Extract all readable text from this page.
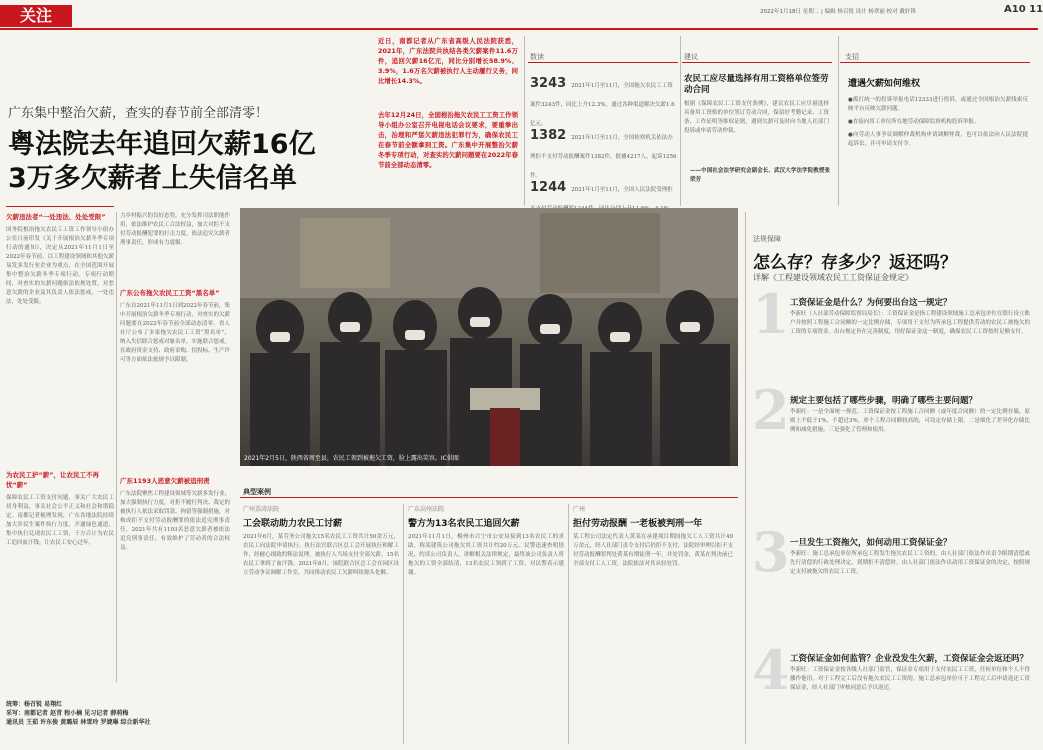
关注	2022年1月18日 星期二 | 编辑 杨召锐 设计 杨翠丽 校对 戴轩锋	A10 11
广东集中整治欠薪，查实的春节前全部清零！
粤法院去年追回欠薪16亿
3万多欠薪者上失信名单
近日，南都记者从广东省高级人民法院获悉，2021年，广东法院共执结各类欠薪案件11.6万件，追回欠薪16亿元，同比分别增长58.9%、3.9%，1.6万名欠薪被执行人主动履行义务，同比增长14.3%。
去年12月24日，全国根治拖欠农民工工资工作领导小组办公室召开电视电话会议要求，要重拳出击，治理和严惩欠薪违法犯罪行为，确保农民工在春节前全额拿到工资。广东集中开展整治欠薪冬季专项行动，对查实的欠薪问题要在2022年春节前全部动态清零。
数读
3243 2021年1月至11月，全国拖欠农民工工资案件3243件，同比上升12.3%，通过各种渠道解决欠薪1.6亿元。
1382 2021年1月至11月，全国检察机关依法办理拒不支付劳动报酬案件1382件，批捕4217人、起诉1256件。
1244 2021年1月至11月，全国人民法院受理拒
建议
农民工应尽量选择有用工资格单位签劳动合同
根据《保障农民工工资支付条例》，建议农民工应尽量选择具备用工资格的单位签订劳动合同，保留好考勤记录、工资条、工作证明等维权证据，遇到欠薪可及时向当地人社部门投诉或申请劳动仲裁。
——中国社会法学研究会副会长、武汉大学法学院教授张荣芳
支招
遭遇欠薪如何维权
●拨打统一的投诉举报电话12333进行投诉，或通过全国根治欠薪线索反映平台反映欠薪问题。
●直接向用工单位所在地劳动保障监察机构投诉举报。
●向劳动人事争议调解仲裁机构申请调解仲裁，也可以依法向人民法院提起诉讼，并可申请支付令。
欠薪违法者“一处违法、处处受限”
国务院根治拖欠农民工工资工作领导小组办公室日前印发《关于开展根治欠薪冬季专项行动的通知》，决定从2021年11月1日至2022年春节前，以工程建设领域和其他欠薪易发多发行业企业为重点，在全国范围开展集中整治欠薪冬季专项行动。专项行动期间，对查实的欠薪问题依法依规处置，对恶意欠薪的企业及其负责人依法惩戒，一处违法，处处受限。
为农民工护“薪”，让农民工不再忧“薪”
保障农民工工资支付问题，事关广大农民工切身利益，事关社会公平正义和社会和谐稳定。南都记者梳理发现，广东各地法院持续加大涉民生案件执行力度，开通绿色通道，集中执行兑现农民工工资，千方百计为农民工追回血汗钱，让农民工安心过年。
统筹：杨召锐 易翔红
采写：南都记者 赵青 程小楠 见习记者 薛莉梅
通讯员 王茹 许东俊 黄璐辰 林雪玲 罗婕琳 综合新华社
力乡村振兴的良好态势，充分发挥司法职能作用，依法维护农民工合法权益，加大对拒不支付劳动报酬犯罪的打击力度，依法追究欠薪者刑事责任，形成有力震慑。
广东公布拖欠农民工工资“黑名单”
广东自2021年11月1日到2022年春节前，集中开展根治欠薪冬季专项行动，对查实的欠薪问题要在2022年春节前全部动态清零。省人社厅公布了多家拖欠农民工工资“黑名单”，纳入失信联合惩戒对象名单，实施联合惩戒，在政府资金支持、政府采购、招投标、生产许可等方面依法依规予以限制。
广东1193人恶意欠薪被追刑责
广东法院聚焦工程建设领域等欠薪多发行业，加大强制执行力度，对拒不履行判决、裁定的被执行人依法采取罚款、拘留等强制措施，对构成拒不支付劳动报酬罪的依法追究刑事责任，2021年共有1193名恶意欠薪者被依法追究刑事责任，有效维护了劳动者的合法权益。
2021年2月5日，陕西省周至县，农民工领到被拖欠工资，脸上露出笑容。IC供图
典型案例
广州荔湾法院
工会联动助力农民工讨薪
2021年6月，某劳务公司拖欠15名农民工工资共计50余万元，农民工向法院申请执行。执行法官联合区总工会开展执行和解工作，经耐心细致的释法说理，被执行人当场支付全部欠薪，15名农民工拿到了血汗钱。2021年8月，该院联合区总工会在园区设立劳动争议调解工作室，共同推动农民工欠薪纠纷源头化解。
广东高州法院
警方为13名农民工追回欠薪
2021年11月1日，梅州市兴宁市公安局接到13名农民工的求助，称某建筑公司拖欠其工资共计约20万元。民警迅速查明情况，约谈公司负责人，讲解相关法律规定，最终该公司负责人将拖欠的工资全部结清，13名农民工领到了工资，对民警表示感谢。
广州
拒付劳动报酬 一老板被判刑一年
某工程公司法定代表人黄某在承建项目期间拖欠工人工资共计49万余元，经人社部门责令支付后仍拒不支付，法院经审理以拒不支付劳动报酬罪判处黄某有期徒刑一年，并处罚金，黄某在判决前已全部支付工人工资，法院依法对其从轻处罚。
法规保障
怎么存？存多少？返还吗？
详解《工程建设领域农民工工资保证金规定》
1 工资保证金是什么？为何要出台这一规定？
李新旺（人社部劳动保障监察局局长）：工资保证金是指工程建设领域施工总承包单位在银行设立账户并按照工程施工合同额的一定比例存储，专项用于支付为所承包工程提供劳动的农民工被拖欠的工资的专项资金。出台规定旨在完善制度，用好保证金这一制度，确保农民工工资按时足额支付。
2 规定主要包括了哪些步骤，明确了哪些主要问题？
李新旺：一是全面统一规范。工资保证金按工程施工合同额（或年度合同额）的一定比例存储，原则上不低于1%，不超过3%，单个工程合同额较高的，可设定存储上限。二是细化了差异化存储比例和减免措施。三是强化了管理和使用。
3 一旦发生工资拖欠，如何动用工资保证金？
李新旺：施工总承包单位所承包工程发生拖欠农民工工资的，由人社部门依法作出责令限期清偿或先行清偿的行政处理决定。到期拒不清偿时，由人社部门依法作出动用工资保证金的决定，按照规定支付被拖欠的农民工工资。
4 工资保证金如何监管？企业没发生欠薪，工资保证金会返还吗？
李新旺：工资保证金按各级人社部门监管，保证金专项用于支付农民工工资，任何单位和个人不得挪作他用。对于工程完工后没有拖欠农民工工资的，施工总承包单位可于工程完工后申请返还工资保证金，经人社部门审核同意后予以返还。
